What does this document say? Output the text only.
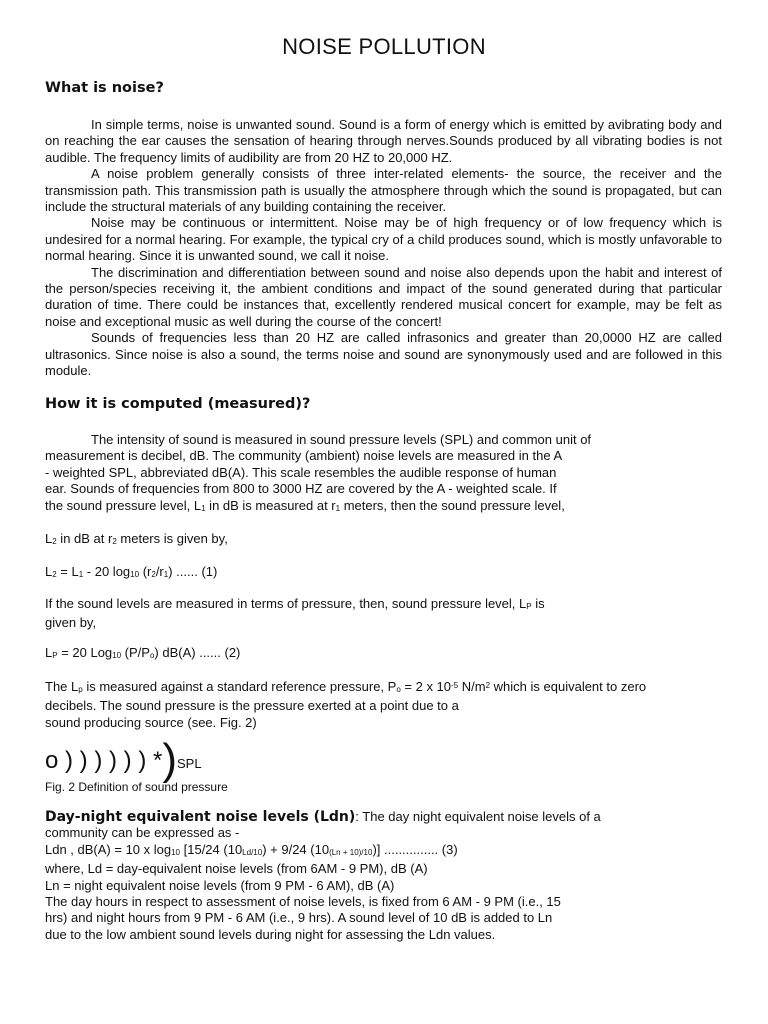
NOISE POLLUTION
What is noise?

In simple terms, noise is unwanted sound. Sound is a form of energy which is emitted by avibrating body and on reaching the ear causes the sensation of hearing through nerves.Sounds produced by all vibrating bodies is not audible. The frequency limits of audibility are from 20 HZ to 20,000 HZ.

A noise problem generally consists of three inter-related elements- the source, the receiver and the transmission path. This transmission path is usually the atmosphere through which the sound is propagated, but can include the structural materials of any building containing the receiver.

Noise may be continuous or intermittent. Noise may be of high frequency or of low frequency which is undesired for a normal hearing. For example, the typical cry of a child produces sound, which is mostly unfavorable to normal hearing. Since it is unwanted sound, we call it noise.

The discrimination and differentiation between sound and noise also depends upon the habit and interest of the person/species receiving it, the ambient conditions and impact of the sound generated during that particular duration of time. There could be instances that, excellently rendered musical concert for example, may be felt as noise and exceptional music as well during the course of the concert!

Sounds of frequencies less than 20 HZ are called infrasonics and greater than 20,0000 HZ are called ultrasonics. Since noise is also a sound, the terms noise and sound are synonymously used and are followed in this module.

How it is computed (measured)?
The intensity of sound is measured in sound pressure levels (SPL) and common unit of
measurement is decibel, dB. The community (ambient) noise levels are measured in the A
- weighted SPL, abbreviated dB(A). This scale resembles the audible response of human
ear. Sounds of frequencies from 800 to 3000 HZ are covered by the A - weighted scale. If
the sound pressure level, L1 in dB is measured at r1 meters, then the sound pressure level,
L2 in dB at r2 meters is given by,
L2 = L1 - 20 log10 (r2/r1) ...... (1)
If the sound levels are measured in terms of pressure, then, sound pressure level, LP is
given by,
LP = 20 Log10 (P/Po) dB(A) ...... (2)
The Lp is measured against a standard reference pressure, Po = 2 x $10^{-5}$ $N/m^2$ which is equivalent to zero
decibels. The sound pressure is the pressure exerted at a point due to a
sound producing source (see. Fig. 2)
o ) ) ) ) ) ) *)SPL
Fig. 2 Definition of sound pressure
Day-night equivalent noise levels (Ldn): The day night equivalent noise levels of a
community can be expressed as -
Ldn , dB(A) = 10 x log10 [15/24 (10Ld/10) + 9/24 (10(Ln + 10)/10)] ............... (3)
where, Ld = day-equivalent noise levels (from 6AM - 9 PM), dB (A)
Ln = night equivalent noise levels (from 9 PM - 6 AM), dB (A)
The day hours in respect to assessment of noise levels, is fixed from 6 AM - 9 PM (i.e., 15
hrs) and night hours from 9 PM - 6 AM (i.e., 9 hrs). A sound level of 10 dB is added to Ln
due to the low ambient sound levels during night for assessing the Ldn values.
